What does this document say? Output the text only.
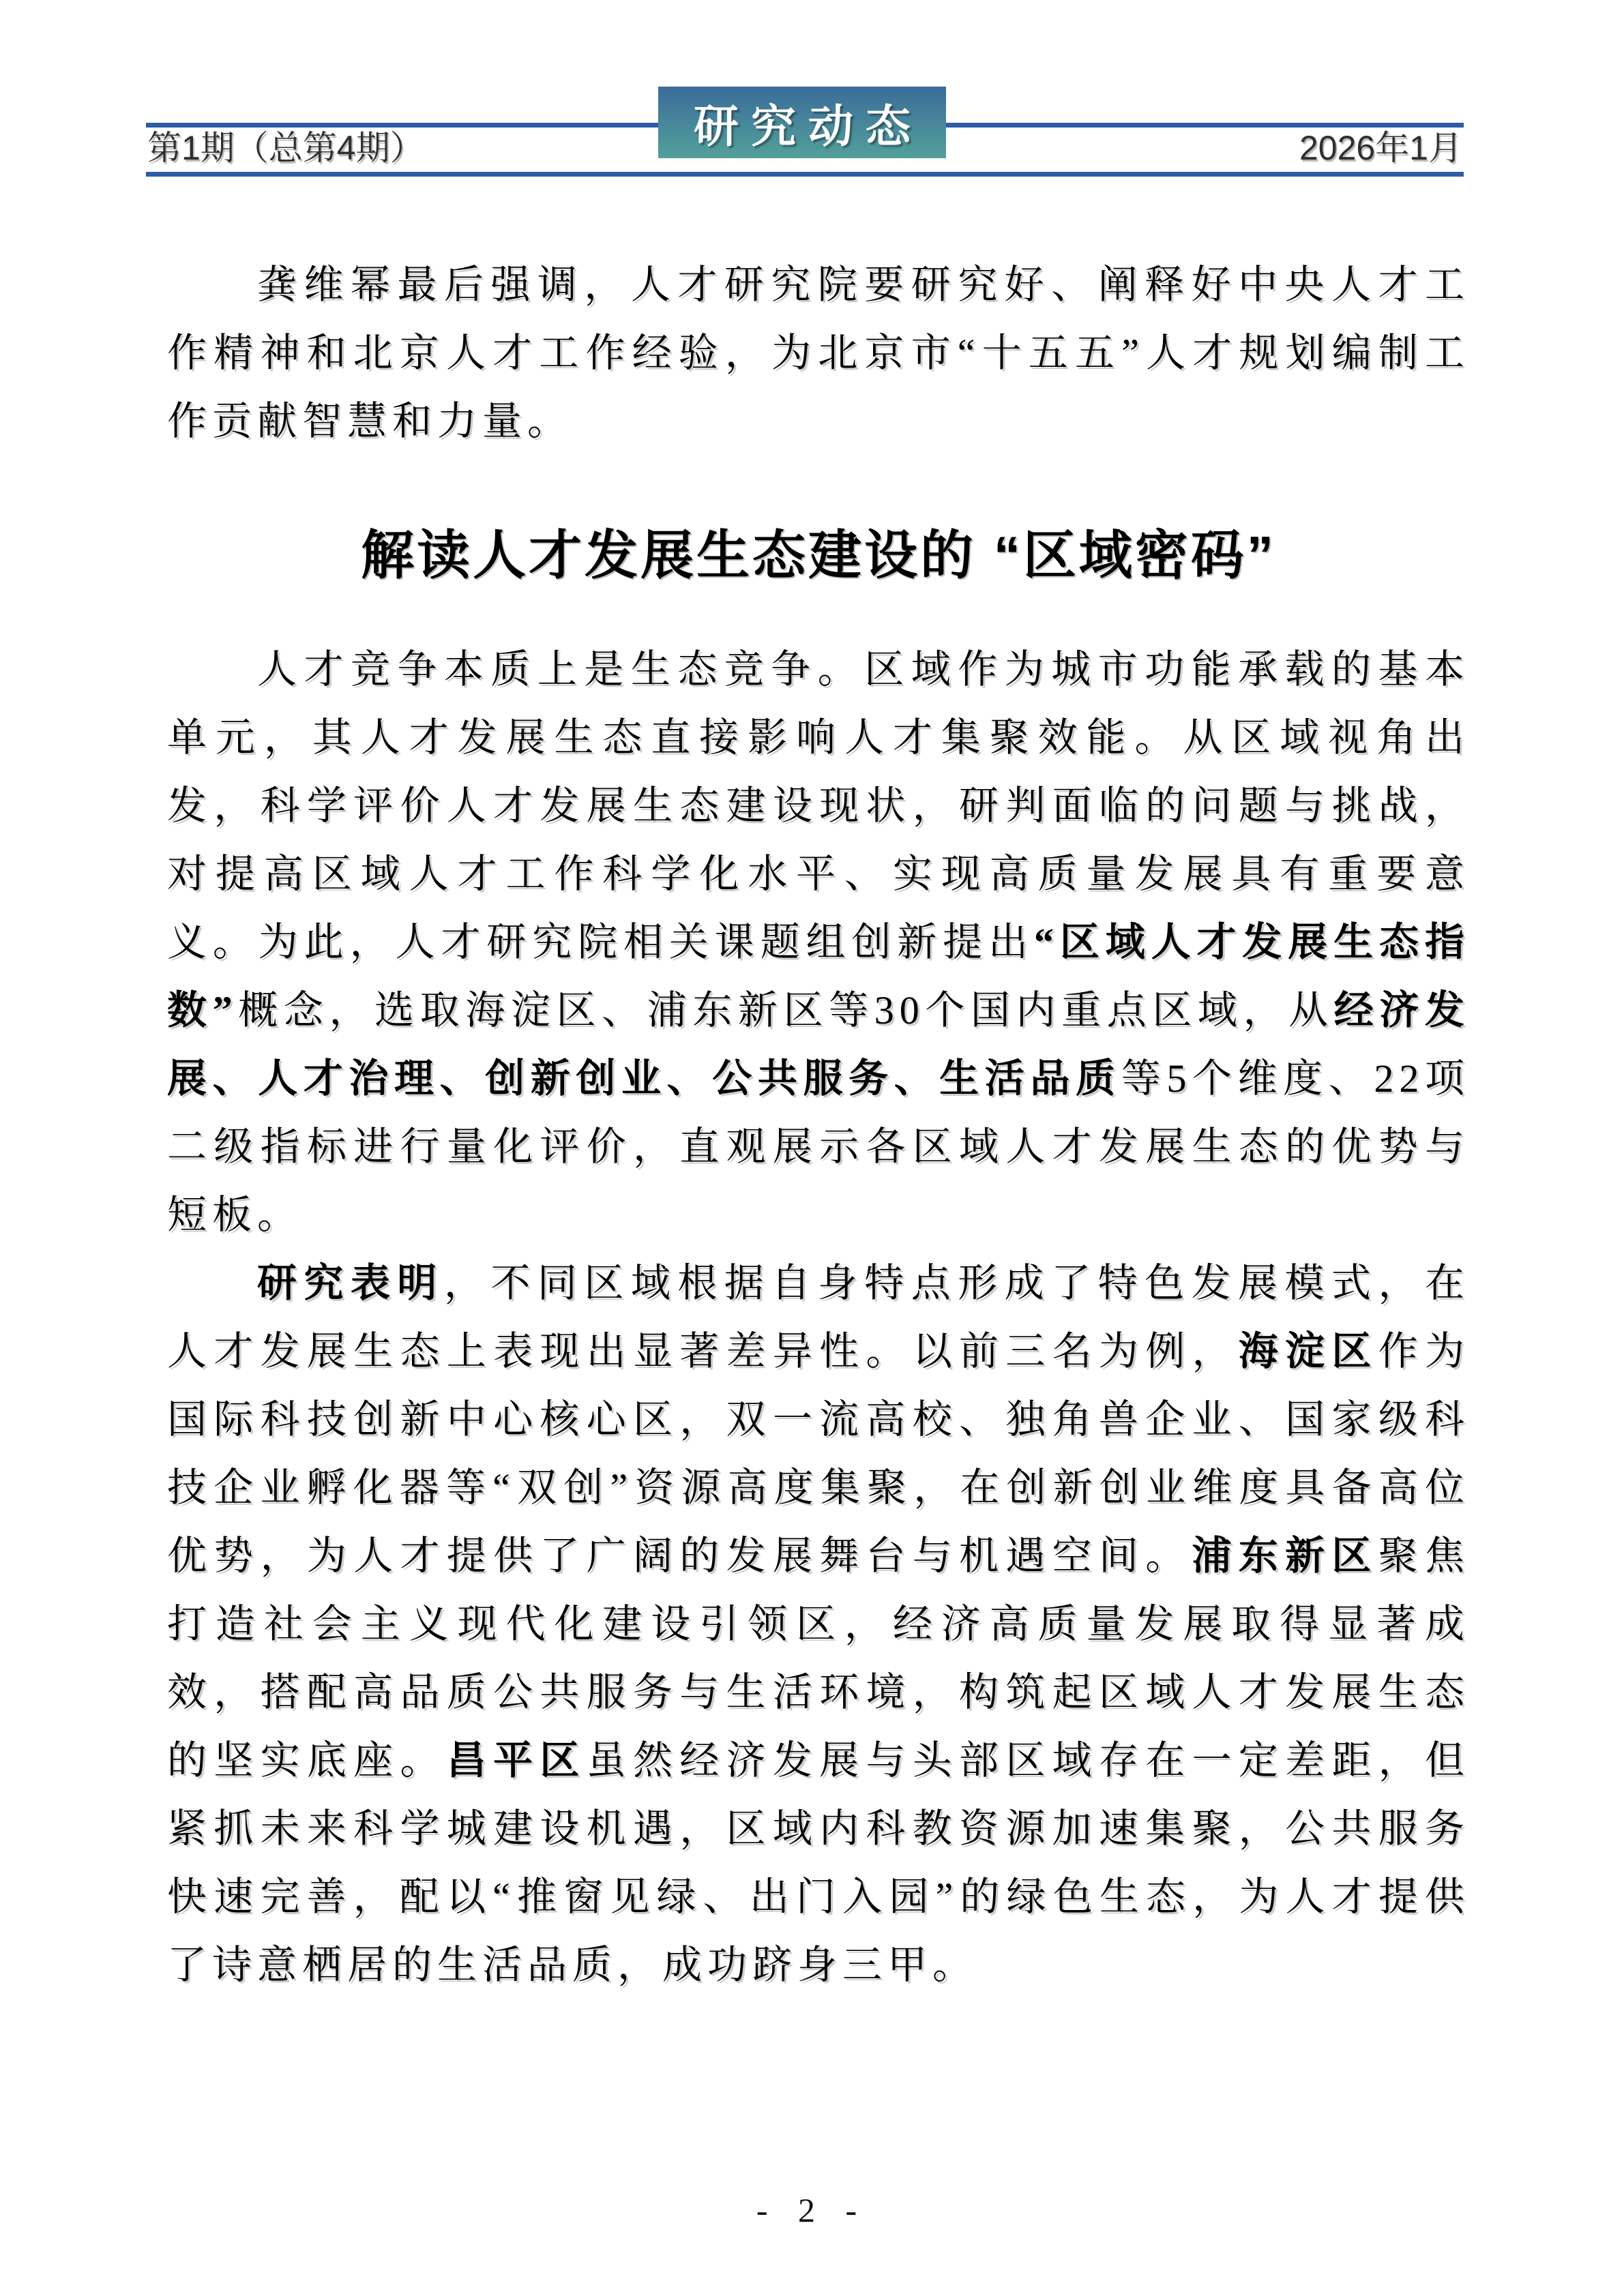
研究动态
第1期（总第4期）	2026年1月

龚维幂最后强调，人才研究院要研究好、阐释好中央人才工作精神和北京人才工作经验，为北京市“十五五”人才规划编制工作贡献智慧和力量。

解读人才发展生态建设的 “区域密码”

人才竞争本质上是生态竞争。区域作为城市功能承载的基本单元，其人才发展生态直接影响人才集聚效能。从区域视角出发，科学评价人才发展生态建设现状，研判面临的问题与挑战，对提高区域人才工作科学化水平、实现高质量发展具有重要意义。为此，人才研究院相关课题组创新提出“区域人才发展生态指数”概念，选取海淀区、浦东新区等30个国内重点区域，从经济发展、人才治理、创新创业、公共服务、生活品质等5个维度、22项二级指标进行量化评价，直观展示各区域人才发展生态的优势与短板。

研究表明，不同区域根据自身特点形成了特色发展模式，在人才发展生态上表现出显著差异性。以前三名为例，海淀区作为国际科技创新中心核心区，双一流高校、独角兽企业、国家级科技企业孵化器等“双创”资源高度集聚，在创新创业维度具备高位优势，为人才提供了广阔的发展舞台与机遇空间。浦东新区聚焦打造社会主义现代化建设引领区，经济高质量发展取得显著成效，搭配高品质公共服务与生活环境，构筑起区域人才发展生态的坚实底座。昌平区虽然经济发展与头部区域存在一定差距，但紧抓未来科学城建设机遇，区域内科教资源加速集聚，公共服务快速完善，配以“推窗见绿、出门入园”的绿色生态，为人才提供了诗意栖居的生活品质，成功跻身三甲。

- 2 -
